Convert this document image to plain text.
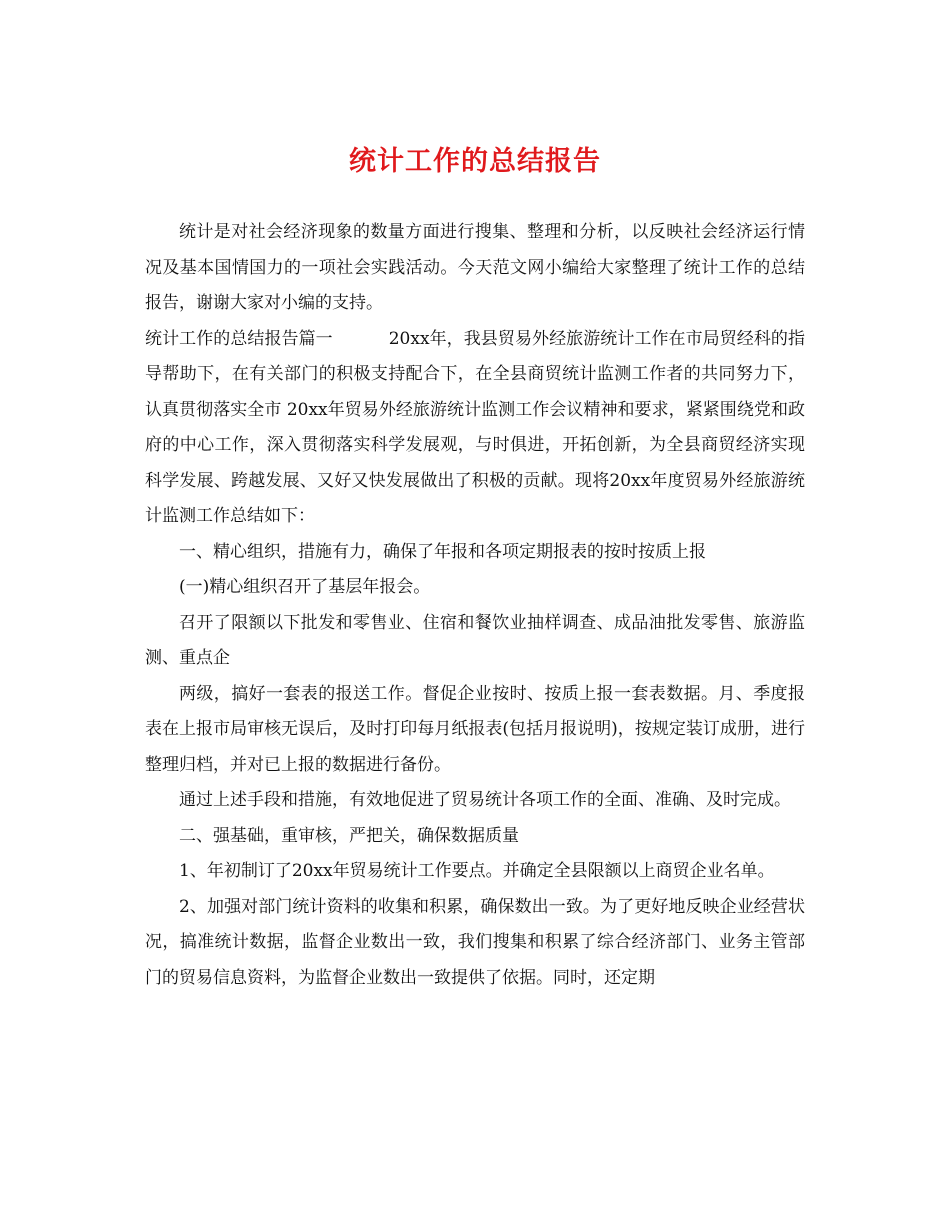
统计工作的总结报告

统计是对社会经济现象的数量方面进行搜集、整理和分析，以反映社会经济运行情况及基本国情国力的一项社会实践活动。今天范文网小编给大家整理了统计工作的总结报告，谢谢大家对小编的支持。

统计工作的总结报告篇一	20xx年，我县贸易外经旅游统计工作在市局贸经科的指导帮助下，在有关部门的积极支持配合下，在全县商贸统计监测工作者的共同努力下，认真贯彻落实全市 20xx年贸易外经旅游统计监测工作会议精神和要求，紧紧围绕党和政府的中心工作，深入贯彻落实科学发展观，与时俱进，开拓创新，为全县商贸经济实现科学发展、跨越发展、又好又快发展做出了积极的贡献。现将20xx年度贸易外经旅游统计监测工作总结如下：

一、精心组织，措施有力，确保了年报和各项定期报表的按时按质上报

(一)精心组织召开了基层年报会。

召开了限额以下批发和零售业、住宿和餐饮业抽样调查、成品油批发零售、旅游监测、重点企

两级，搞好一套表的报送工作。督促企业按时、按质上报一套表数据。月、季度报表在上报市局审核无误后，及时打印每月纸报表(包括月报说明)，按规定装订成册，进行整理归档，并对已上报的数据进行备份。

通过上述手段和措施，有效地促进了贸易统计各项工作的全面、准确、及时完成。

二、强基础，重审核，严把关，确保数据质量

1、年初制订了20xx年贸易统计工作要点。并确定全县限额以上商贸企业名单。

2、加强对部门统计资料的收集和积累，确保数出一致。为了更好地反映企业经营状况，搞准统计数据，监督企业数出一致，我们搜集和积累了综合经济部门、业务主管部门的贸易信息资料，为监督企业数出一致提供了依据。同时，还定期
